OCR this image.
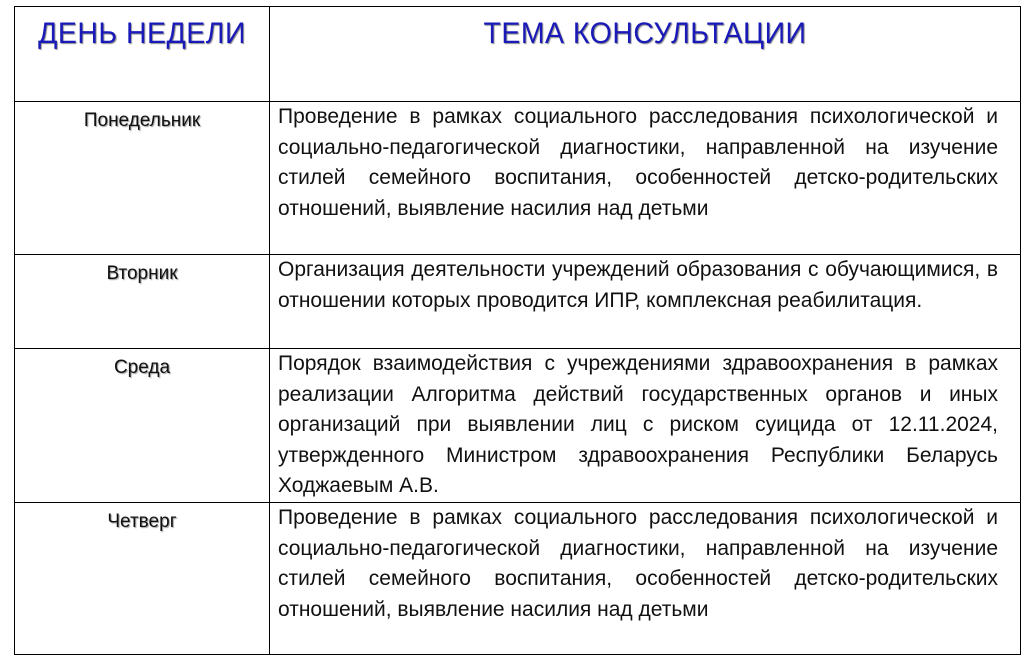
ДЕНЬ НЕДЕЛИ	ТЕМА КОНСУЛЬТАЦИИ

Понедельник	Проведение в рамках социального расследования психологической и социально-педагогической диагностики, направленной на изучение стилей семейного воспитания, особенностей детско-родительских отношений, выявление насилия над детьми

Вторник	Организация деятельности учреждений образования с обучающимися, в отношении которых проводится ИПР, комплексная реабилитация.

Среда	Порядок взаимодействия с учреждениями здравоохранения в рамках реализации Алгоритма действий государственных органов и иных организаций при выявлении лиц с риском суицида от 12.11.2024, утвержденного Министром здравоохранения Республики Беларусь Ходжаевым А.В.

Четверг	Проведение в рамках социального расследования психологической и социально-педагогической диагностики, направленной на изучение стилей семейного воспитания, особенностей детско-родительских отношений, выявление насилия над детьми
